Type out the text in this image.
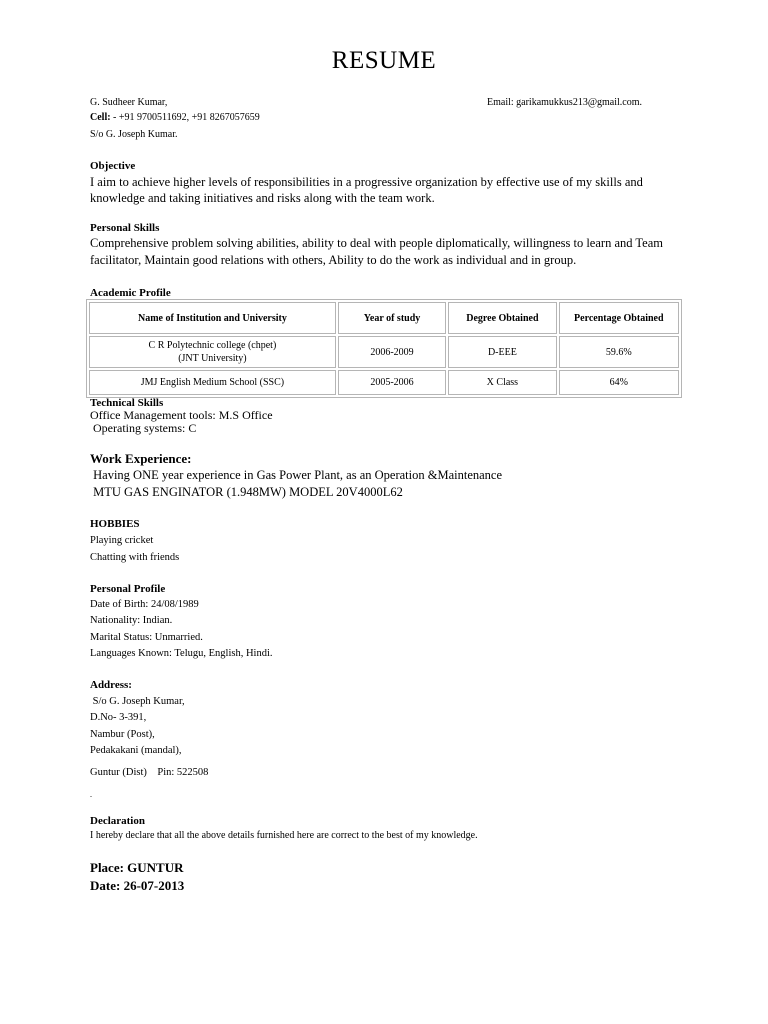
RESUME
G. Sudheer Kumar,	Email: garikamukkus213@gmail.com.
Cell: - +91 9700511692, +91 8267057659
S/o G. Joseph Kumar.
Objective
I aim to achieve higher levels of responsibilities in a progressive organization by effective use of my skills and knowledge and taking initiatives and risks along with the team work.
Personal Skills
Comprehensive problem solving abilities, ability to deal with people diplomatically, willingness to learn and Team facilitator, Maintain good relations with others, Ability to do the work as individual and in group.
Academic Profile
Name of Institution and University	Year of study	Degree Obtained	Percentage Obtained

C R Polytechnic college (chpet)
(JNT University)	2006-2009	D-EEE	59.6%
JMJ English Medium School (SSC)	2005-2006	X Class	64%
Technical Skills
Office Management tools: M.S Office
Operating systems: C
Work Experience:
Having ONE year experience in Gas Power Plant, as an Operation &Maintenance
MTU GAS ENGINATOR (1.948MW) MODEL 20V4000L62
HOBBIES
Playing cricket
Chatting with friends
Personal Profile
Date of Birth: 24/08/1989
Nationality: Indian.
Marital Status: Unmarried.
Languages Known: Telugu, English, Hindi.
Address:
S/o G. Joseph Kumar,
D.No- 3-391,
Nambur (Post),
Pedakakani (mandal),
Guntur (Dist)    Pin: 522508
.
Declaration
I hereby declare that all the above details furnished here are correct to the best of my knowledge.
Place: GUNTUR
Date: 26-07-2013
